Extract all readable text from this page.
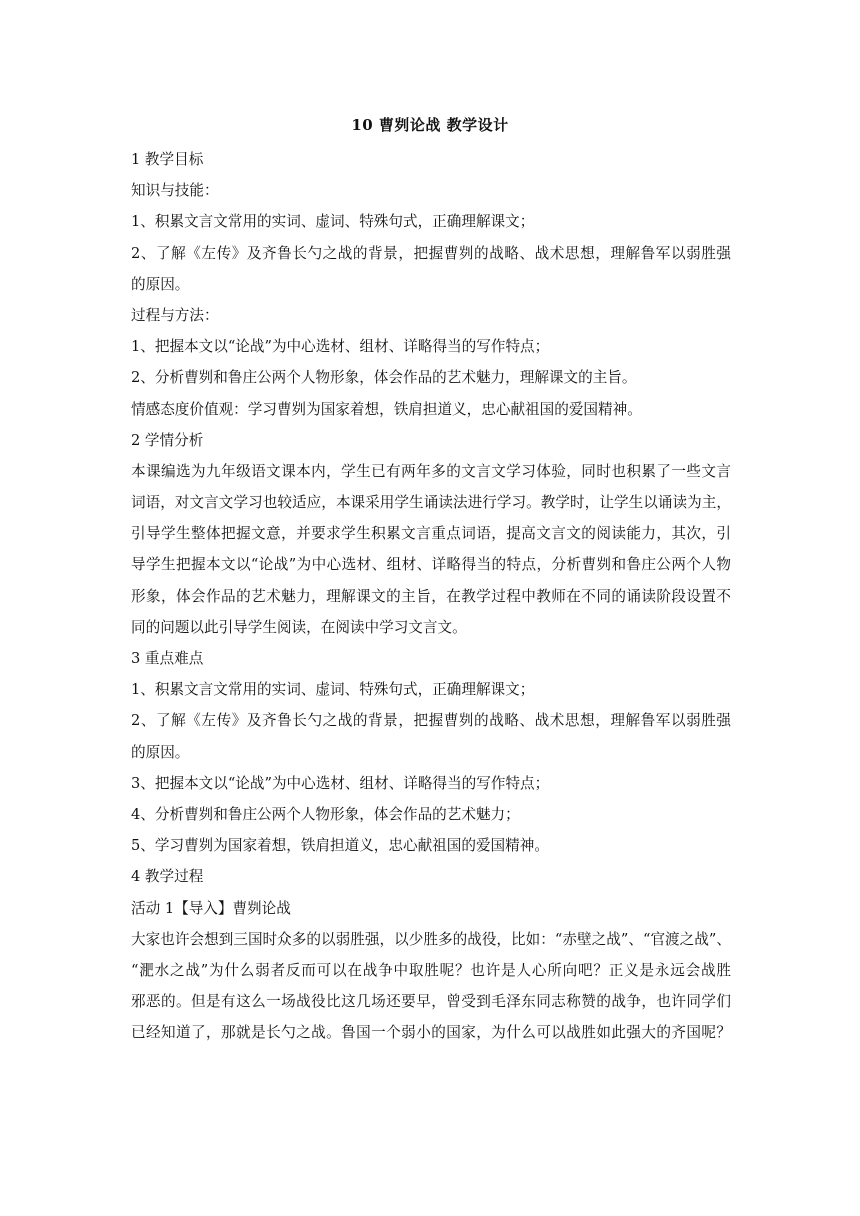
10 曹刿论战 教学设计
1 教学目标
知识与技能：
1、积累文言文常用的实词、虚词、特殊句式，正确理解课文；
2、了解《左传》及齐鲁长勺之战的背景，把握曹刿的战略、战术思想，理解鲁军以弱胜强
的原因。
过程与方法：
1、把握本文以“论战”为中心选材、组材、详略得当的写作特点；
2、分析曹刿和鲁庄公两个人物形象，体会作品的艺术魅力，理解课文的主旨。
情感态度价值观：学习曹刿为国家着想，铁肩担道义，忠心献祖国的爱国精神。
2 学情分析
本课编选为九年级语文课本内，学生已有两年多的文言文学习体验，同时也积累了一些文言
词语，对文言文学习也较适应，本课采用学生诵读法进行学习。教学时，让学生以诵读为主，
引导学生整体把握文意，并要求学生积累文言重点词语，提高文言文的阅读能力，其次，引
导学生把握本文以“论战”为中心选材、组材、详略得当的特点，分析曹刿和鲁庄公两个人物
形象，体会作品的艺术魅力，理解课文的主旨，在教学过程中教师在不同的诵读阶段设置不
同的问题以此引导学生阅读，在阅读中学习文言文。
3 重点难点
1、积累文言文常用的实词、虚词、特殊句式，正确理解课文；
2、了解《左传》及齐鲁长勺之战的背景，把握曹刿的战略、战术思想，理解鲁军以弱胜强
的原因。
3、把握本文以“论战”为中心选材、组材、详略得当的写作特点；
4、分析曹刿和鲁庄公两个人物形象，体会作品的艺术魅力；
5、学习曹刿为国家着想，铁肩担道义，忠心献祖国的爱国精神。
4 教学过程
活动 1【导入】曹刿论战
大家也许会想到三国时众多的以弱胜强，以少胜多的战役，比如：“赤壁之战”、“官渡之战”、
“淝水之战”为什么弱者反而可以在战争中取胜呢？也许是人心所向吧？正义是永远会战胜
邪恶的。但是有这么一场战役比这几场还要早，曾受到毛泽东同志称赞的战争，也许同学们
已经知道了，那就是长勺之战。鲁国一个弱小的国家，为什么可以战胜如此强大的齐国呢？
